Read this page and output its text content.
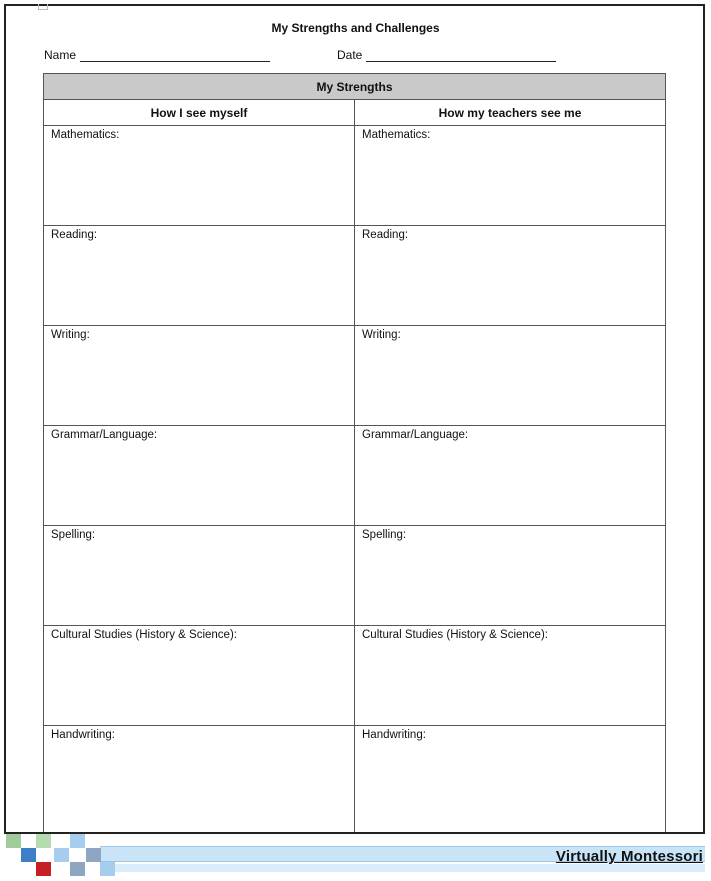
My Strengths and Challenges
Name	Date
My Strengths	
How I see myself	How my teachers see me
Mathematics:	Mathematics:
Reading:	Reading:
Writing:	Writing:
Grammar/Language:	Grammar/Language:
Spelling:	Spelling:
Cultural Studies (History & Science):	Cultural Studies (History & Science):
Handwriting:	Handwriting:
Virtually Montessori
